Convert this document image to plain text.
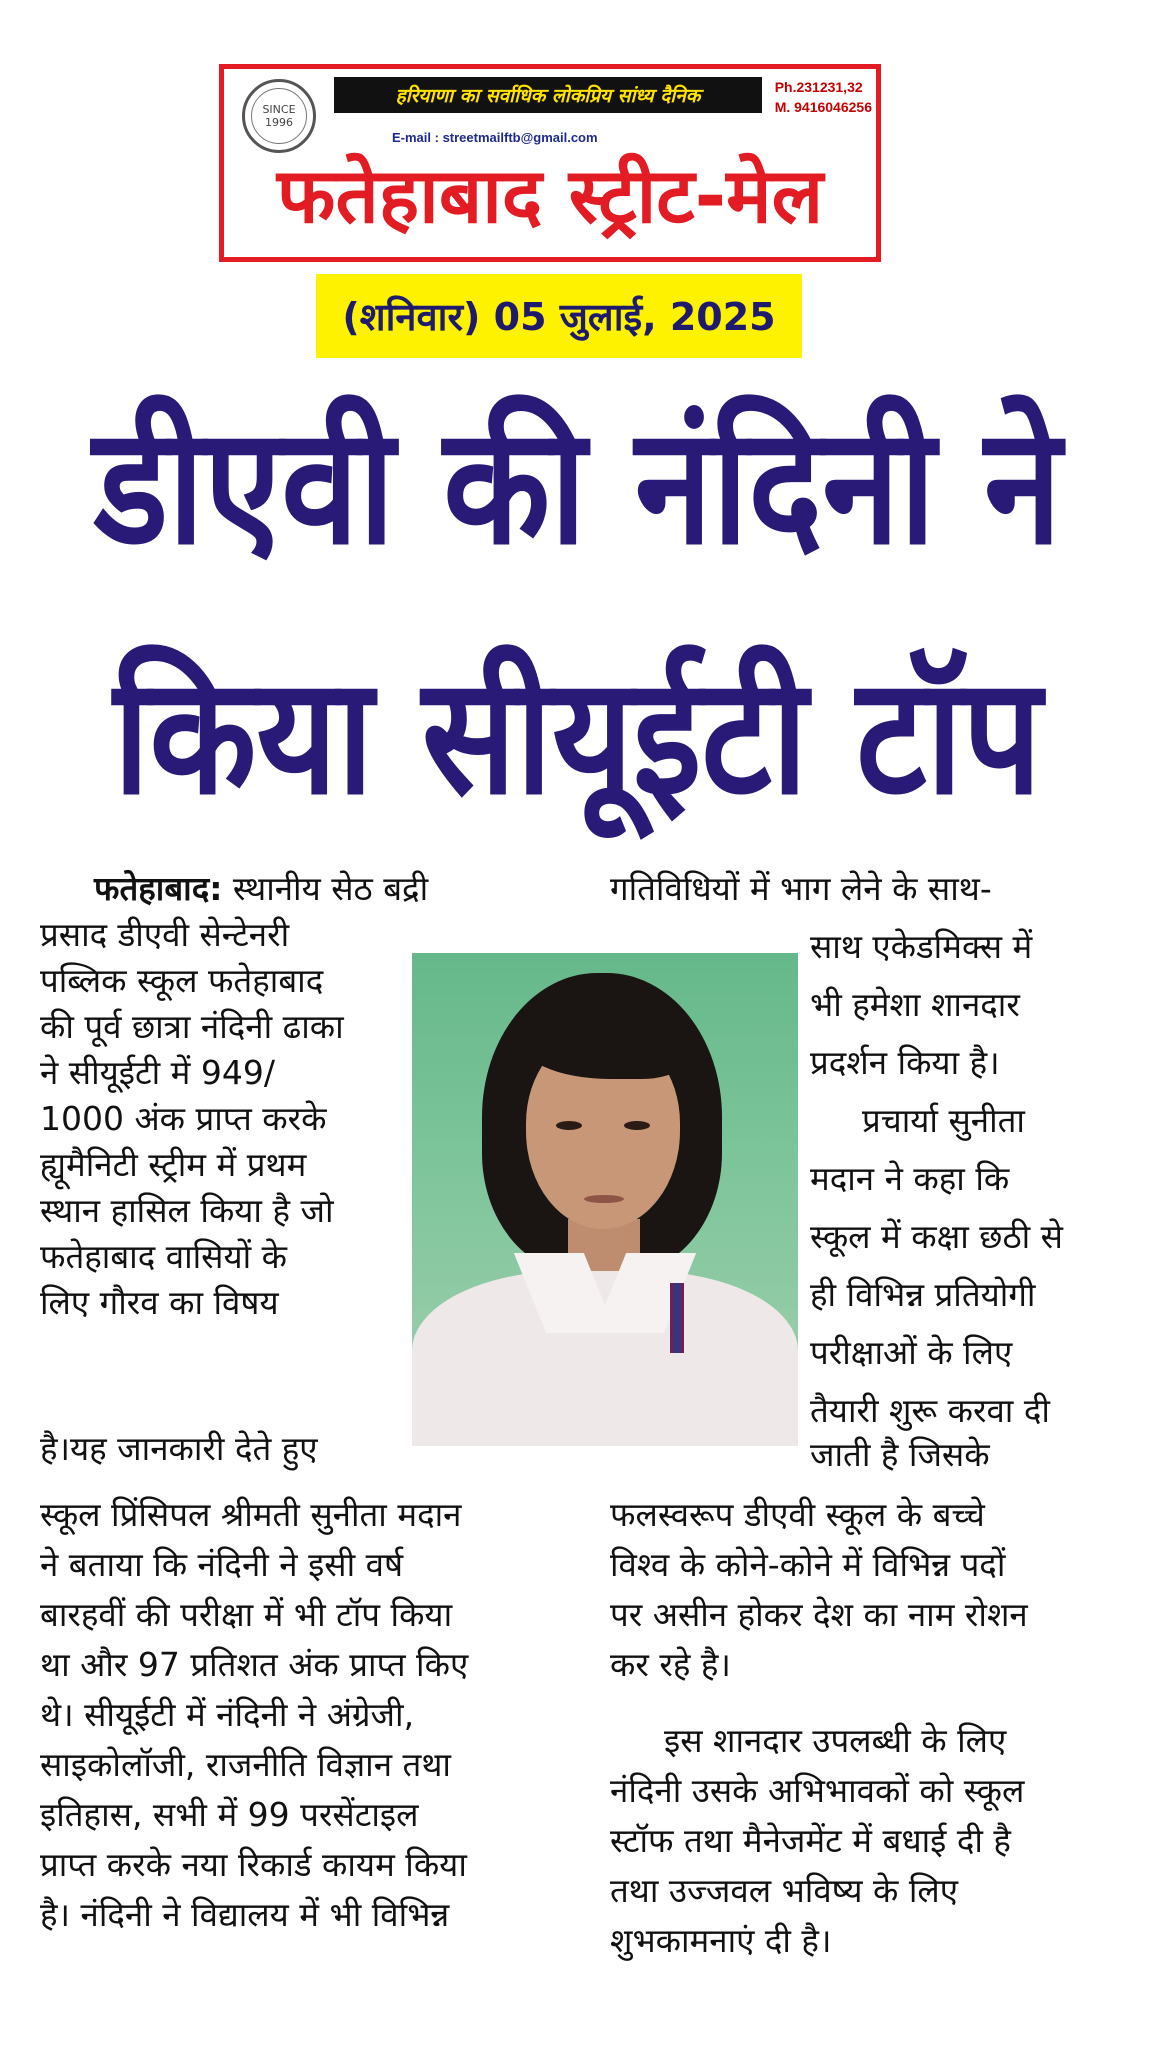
SINCE 1996
हरियाणा का सर्वाधिक लोकप्रिय सांध्य दैनिक	Ph.231231,32
M. 9416046256
E-mail : streetmailftb@gmail.com
फतेहाबाद स्ट्रीट-मेल
(शनिवार) 05 जुलाई, 2025
डीएवी की नंदिनी ने
किया सीयूईटी टॉप
फतेहाबाद: स्थानीय सेठ बद्री
प्रसाद डीएवी सेन्टेनरी
पब्लिक स्कूल फतेहाबाद
की पूर्व छात्रा नंदिनी ढाका
ने सीयूईटी में 949/
1000 अंक प्राप्त करके
ह्यूमैनिटी स्ट्रीम में प्रथम
स्थान हासिल किया है जो
फतेहाबाद वासियों के
लिए गौरव का विषय
है।यह जानकारी देते हुए
स्कूल प्रिंसिपल श्रीमती सुनीता मदान
ने बताया कि नंदिनी ने इसी वर्ष
बारहवीं की परीक्षा में भी टॉप किया
था और 97 प्रतिशत अंक प्राप्त किए
थे। सीयूईटी में नंदिनी ने अंग्रेजी,
साइकोलॉजी, राजनीति विज्ञान तथा
इतिहास, सभी में 99 परसेंटाइल
प्राप्त करके नया रिकार्ड कायम किया
है। नंदिनी ने विद्यालय में भी विभिन्न
गतिविधियों में भाग लेने के साथ-
साथ एकेडमिक्स में
भी हमेशा शानदार
प्रदर्शन किया है।
प्रचार्या सुनीता
मदान ने कहा कि
स्कूल में कक्षा छठी से
ही विभिन्न प्रतियोगी
परीक्षाओं के लिए
तैयारी शुरू करवा दी
जाती है जिसके
फलस्वरूप डीएवी स्कूल के बच्चे
विश्व के कोने-कोने में विभिन्न पदों
पर असीन होकर देश का नाम रोशन
कर रहे है।
इस शानदार उपलब्धी के लिए
नंदिनी उसके अभिभावकों को स्कूल
स्टॉफ तथा मैनेजमेंट में बधाई दी है
तथा उज्जवल भविष्य के लिए
शुभकामनाएं दी है।
